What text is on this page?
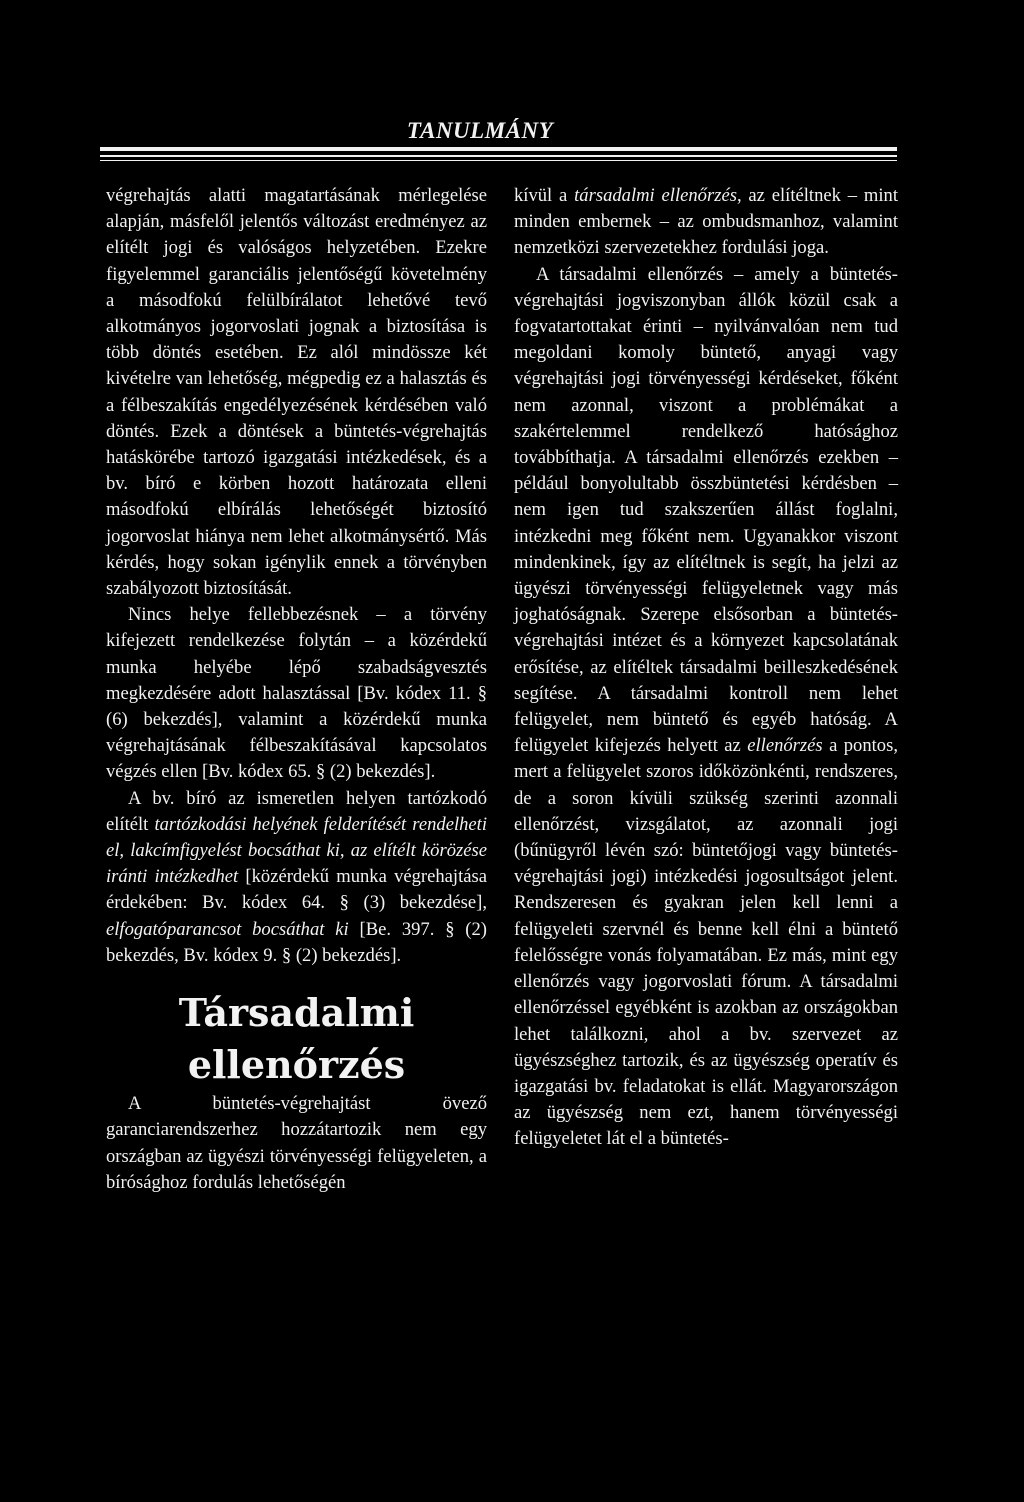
TANULMÁNY

végrehajtás alatti magatartásának mérlegelése alapján, másfelől jelentős változást eredményez az elítélt jogi és valóságos helyzetében. Ezekre figyelemmel garanciális jelentőségű követelmény a másodfokú felülbírálatot lehetővé tevő alkotmányos jogorvoslati jognak a biztosítása is több döntés esetében. Ez alól mindössze két kivételre van lehetőség, mégpedig ez a halasztás és a félbeszakítás engedélyezésének kérdésében való döntés. Ezek a döntések a büntetés-végrehajtás hatáskörébe tartozó igazgatási intézkedések, és a bv. bíró e körben hozott határozata elleni másodfokú elbírálás lehetőségét biztosító jogorvoslat hiánya nem lehet alkotmánysértő. Más kérdés, hogy sokan igénylik ennek a törvényben szabályozott biztosítását.

Nincs helye fellebbezésnek – a törvény kifejezett rendelkezése folytán – a közérdekű munka helyébe lépő szabadságvesztés megkezdésére adott halasztással [Bv. kódex 11. § (6) bekezdés], valamint a közérdekű munka végrehajtásának félbeszakításával kapcsolatos végzés ellen [Bv. kódex 65. § (2) bekezdés].

A bv. bíró az ismeretlen helyen tartózkodó elítélt tartózkodási helyének felderítését rendelheti el, lakcímfigyelést bocsáthat ki, az elítélt körözése iránti intézkedhet [közérdekű munka végrehajtása érdekében: Bv. kódex 64. § (3) bekezdése], elfogatóparancsot bocsáthat ki [Be. 397. § (2) bekezdés, Bv. kódex 9. § (2) bekezdés].

Társadalmi
ellenőrzés

A büntetés-végrehajtást övező garanciarendszerhez hozzátartozik nem egy országban az ügyészi törvényességi felügyeleten, a bírósághoz fordulás lehetőségén

kívül a társadalmi ellenőrzés, az elítéltnek – mint minden embernek – az ombudsmanhoz, valamint nemzetközi szervezetekhez fordulási joga.

A társadalmi ellenőrzés – amely a büntetés-végrehajtási jogviszonyban állók közül csak a fogvatartottakat érinti – nyilvánvalóan nem tud megoldani komoly büntető, anyagi vagy végrehajtási jogi törvényességi kérdéseket, főként nem azonnal, viszont a problémákat a szakértelemmel rendelkező hatósághoz továbbíthatja. A társadalmi ellenőrzés ezekben – például bonyolultabb összbüntetési kérdésben – nem igen tud szakszerűen állást foglalni, intézkedni meg főként nem. Ugyanakkor viszont mindenkinek, így az elítéltnek is segít, ha jelzi az ügyészi törvényességi felügyeletnek vagy más joghatóságnak. Szerepe elsősorban a büntetés-végrehajtási intézet és a környezet kapcsolatának erősítése, az elítéltek társadalmi beilleszkedésének segítése. A társadalmi kontroll nem lehet felügyelet, nem büntető és egyéb hatóság. A felügyelet kifejezés helyett az ellenőrzés a pontos, mert a felügyelet szoros időközönkénti, rendszeres, de a soron kívüli szükség szerinti azonnali ellenőrzést, vizsgálatot, az azonnali jogi (bűnügyről lévén szó: büntetőjogi vagy büntetés-végrehajtási jogi) intézkedési jogosultságot jelent. Rendszeresen és gyakran jelen kell lenni a felügyeleti szervnél és benne kell élni a büntető felelősségre vonás folyamatában. Ez más, mint egy ellenőrzés vagy jogorvoslati fórum. A társadalmi ellenőrzéssel egyébként is azokban az országokban lehet találkozni, ahol a bv. szervezet az ügyészséghez tartozik, és az ügyészség operatív és igazgatási bv. feladatokat is ellát. Magyarországon az ügyészség nem ezt, hanem törvényességi felügyeletet lát el a büntetés-
